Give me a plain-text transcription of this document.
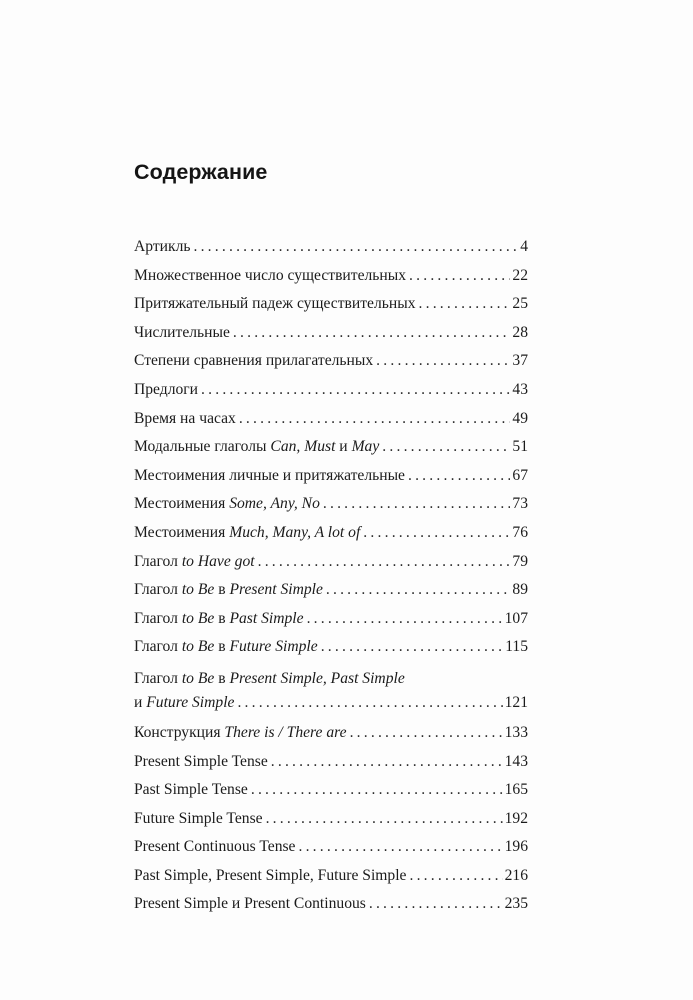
Содержание
Артикль .....	4
Множественное число существительных .....	22
Притяжательный падеж существительных .....	25
Числительные .....	28
Степени сравнения прилагательных .....	37
Предлоги .....	43
Время на часах .....	49
Модальные глаголы Can, Must и May .....	51
Местоимения личные и притяжательные .....	67
Местоимения Some, Any, No .....	73
Местоимения Much, Many, A lot of .....	76
Глагол to Have got .....	79
Глагол to Be в Present Simple .....	89
Глагол to Be в Past Simple .....	107
Глагол to Be в Future Simple .....	115
Глагол to Be в Present Simple, Past Simple
и Future Simple .....	121
Конструкция There is / There are .....	133
Present Simple Tense .....	143
Past Simple Tense .....	165
Future Simple Tense .....	192
Present Continuous Tense .....	196
Past Simple, Present Simple, Future Simple .....	216
Present Simple и Present Continuous .....	235
